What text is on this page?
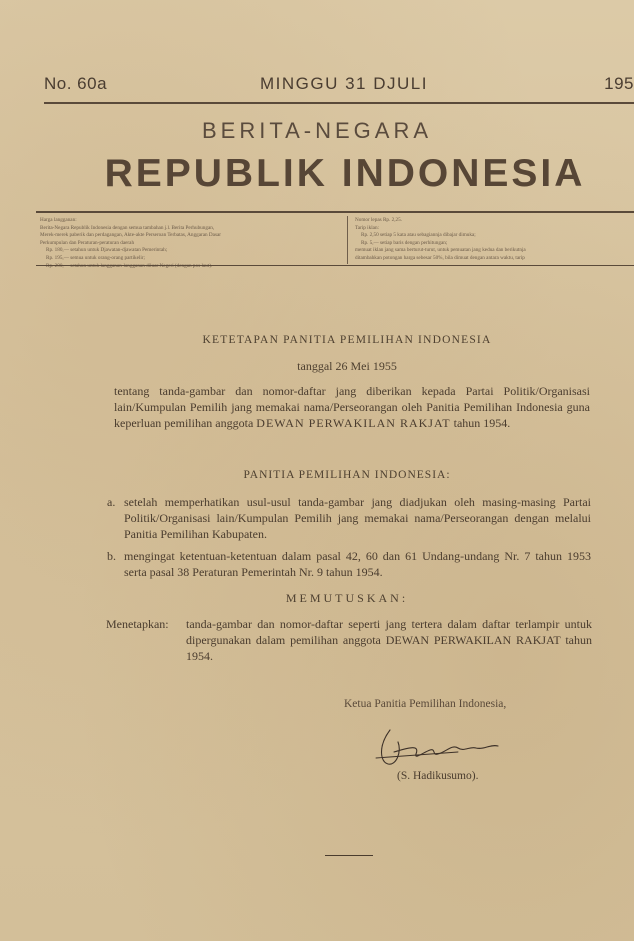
No. 60a	MINGGU 31 DJULI	195
BERITA-NEGARA
REPUBLIK INDONESIA
Harga langganan:
Berita-Negara Republik Indonesia dengan semua tambahan j.l. Berita Perhubungan,
Merek-merek paberik dan perdagangan, Akte-akte Perseroan Terbatas, Anggaran Dasar
Perkumpulan dan Peraturan-peraturan daerah
Rp. 180,— setahun untuk Djawatan-djawatan Pemerintah;
Rp. 195,— semua untuk orang-orang partikelir;
Nomor lepas Rp. 2,25.
Tarip iklan:
Rp. 2,50 setiap 5 kata atau sebagiannja dibajar dimuka;
Rp. 5,— setiap baris dengan perhitungan;
memuat iklan jang sama berturut-turut, untuk pemuatan jang kedua dan berikutnja
ditambahkan potongan harga sebesar 50%, bila dimuat dengan antara waktu, tarip
KETETAPAN PANITIA PEMILIHAN INDONESIA
tanggal 26 Mei 1955
tentang tanda-gambar dan nomor-daftar jang diberikan kepada Partai Politik/Organisasi lain/Kumpulan Pemilih jang memakai nama/Perseorangan oleh Panitia Pemilihan Indonesia guna keperluan pemilihan anggota DEWAN PERWAKILAN RAKJAT tahun 1954.
PANITIA PEMILIHAN INDONESIA:
a. setelah memperhatikan usul-usul tanda-gambar jang diadjukan oleh masing-masing Partai Politik/Organisasi lain/Kumpulan Pemilih jang memakai nama/Perseorangan dengan melalui Panitia Pemilihan Kabupaten.
b. mengingat ketentuan-ketentuan dalam pasal 42, 60 dan 61 Undang-undang Nr. 7 tahun 1953 serta pasal 38 Peraturan Pemerintah Nr. 9 tahun 1954.
MEMUTUSKAN:
Menetapkan: tanda-gambar dan nomor-daftar seperti jang tertera dalam daftar terlampir untuk dipergunakan dalam pemilihan anggota DEWAN PERWAKILAN RAKJAT tahun 1954.
Ketua Panitia Pemilihan Indonesia,
(S. Hadikusumo).
